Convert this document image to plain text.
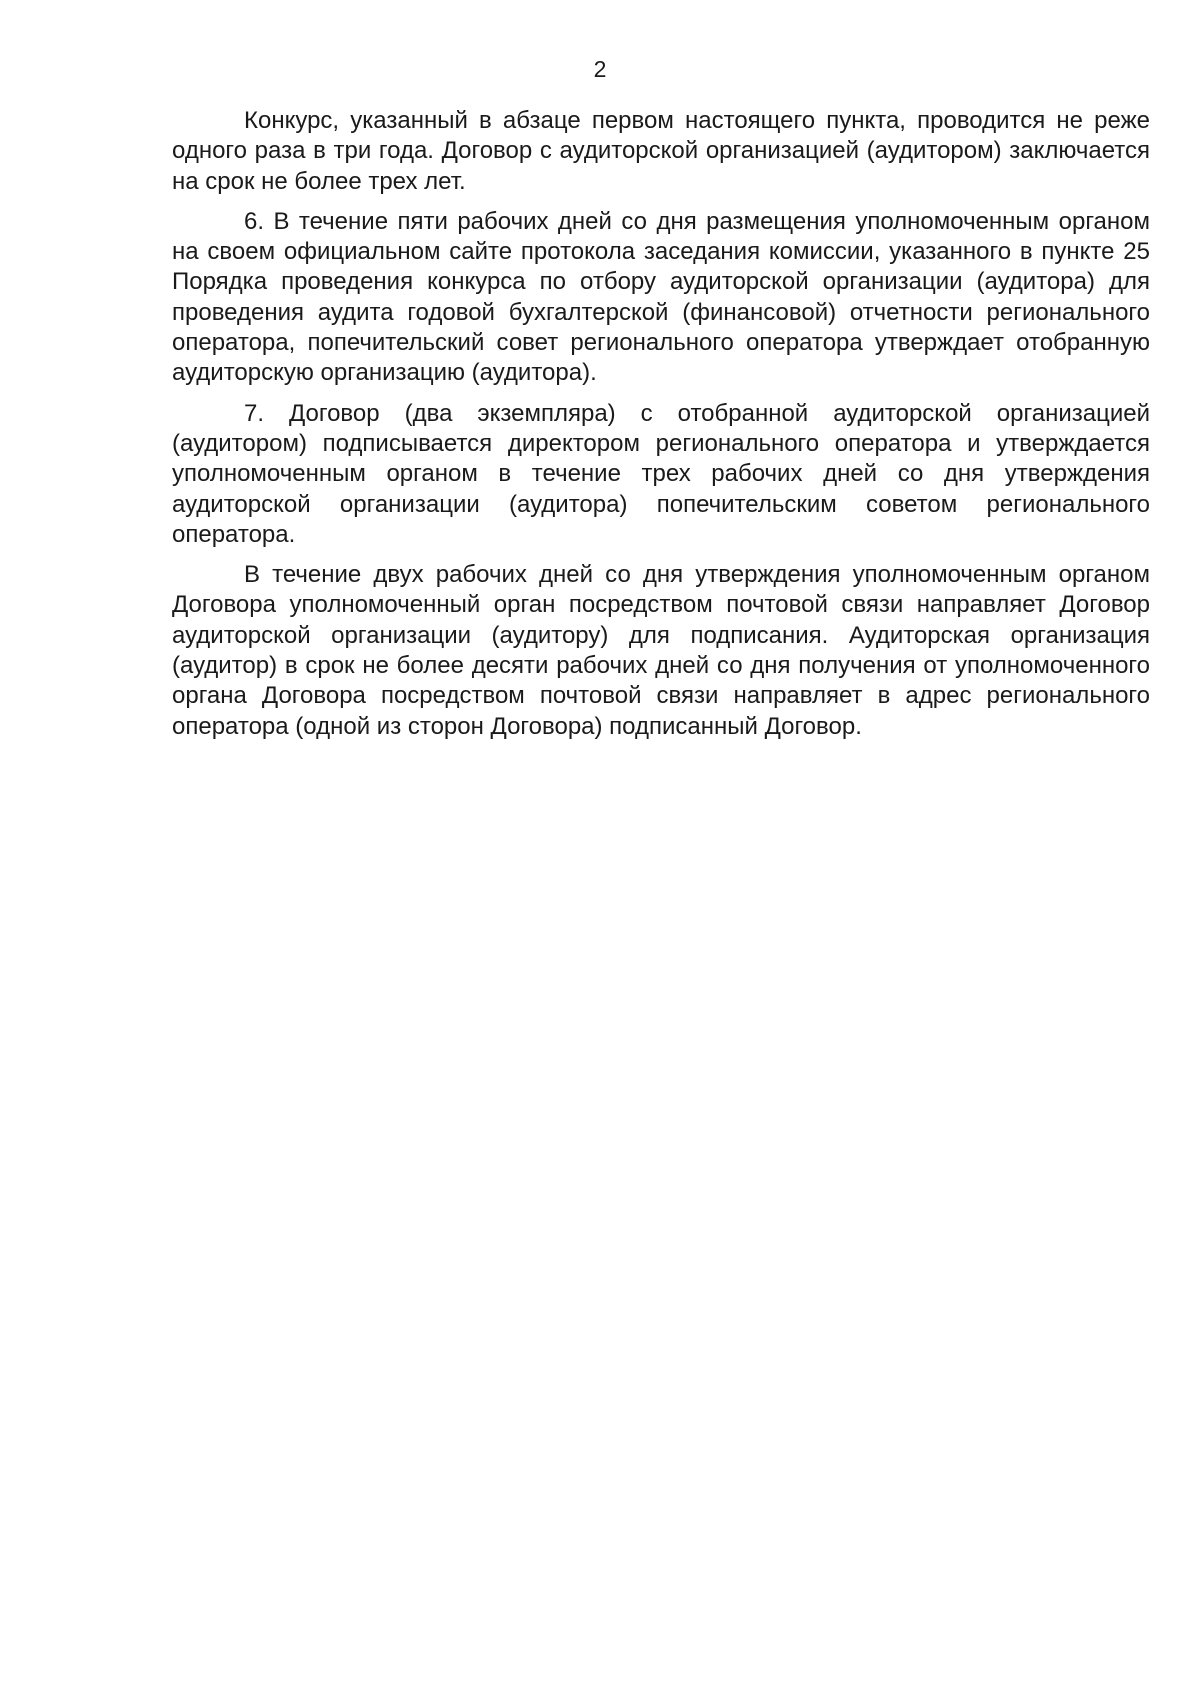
2

Конкурс, указанный в абзаце первом настоящего пункта, проводится не реже одного раза в три года. Договор с аудиторской организацией (аудитором) заключается на срок не более трех лет.

6. В течение пяти рабочих дней со дня размещения уполномоченным органом на своем официальном сайте протокола заседания комиссии, указанного в пункте 25 Порядка проведения конкурса по отбору аудиторской организации (аудитора) для проведения аудита годовой бухгалтерской (финансовой) отчетности регионального оператора, попечительский совет регионального оператора утверждает отобранную аудиторскую организацию (аудитора).

7. Договор (два экземпляра) с отобранной аудиторской организацией (аудитором) подписывается директором регионального оператора и утверждается уполномоченным органом в течение трех рабочих дней со дня утверждения аудиторской организации (аудитора) попечительским советом регионального оператора.

В течение двух рабочих дней со дня утверждения уполномоченным органом Договора уполномоченный орган посредством почтовой связи направляет Договор аудиторской организации (аудитору) для подписания. Аудиторская организация (аудитор) в срок не более десяти рабочих дней со дня получения от уполномоченного органа Договора посредством почтовой связи направляет в адрес регионального оператора (одной из сторон Договора) подписанный Договор.
